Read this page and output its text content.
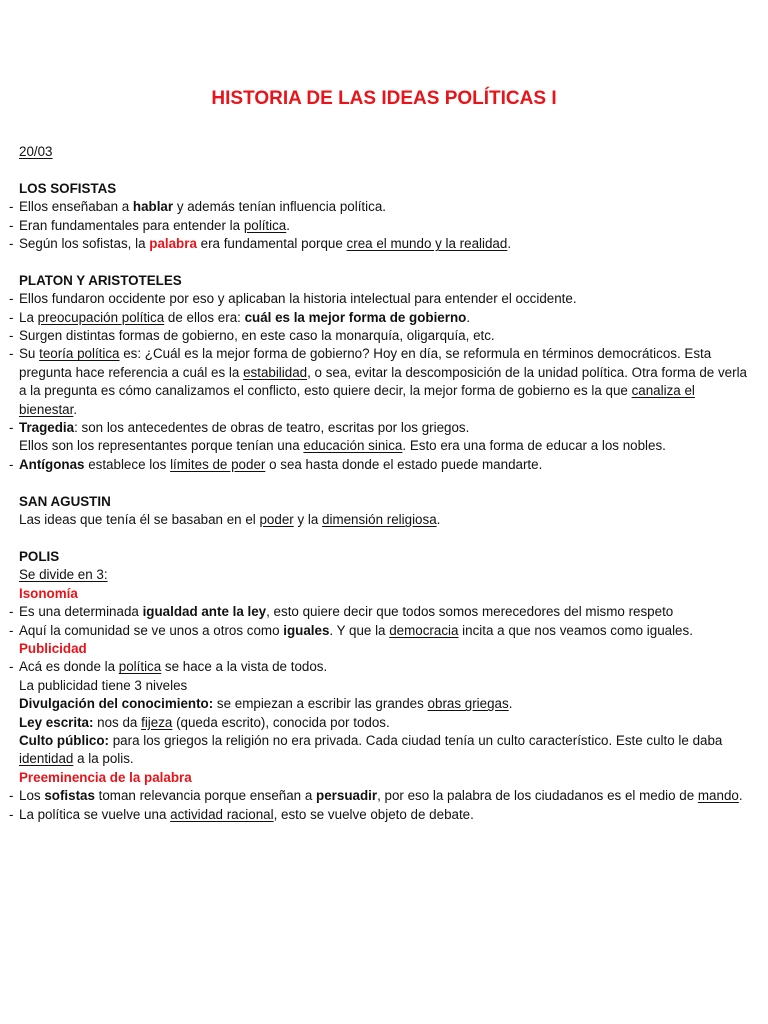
HISTORIA DE LAS IDEAS POLÍTICAS I
20/03
LOS SOFISTAS
- Ellos enseñaban a hablar y además tenían influencia política.
- Eran fundamentales para entender la política.
- Según los sofistas, la palabra era fundamental porque crea el mundo y la realidad.
PLATON Y ARISTOTELES
- Ellos fundaron occidente por eso y aplicaban la historia intelectual para entender el occidente.
- La preocupación política de ellos era: cuál es la mejor forma de gobierno.
- Surgen distintas formas de gobierno, en este caso la monarquía, oligarquía, etc.
- Su teoría política es: ¿Cuál es la mejor forma de gobierno? Hoy en día, se reformula en términos democráticos. Esta pregunta hace referencia a cuál es la estabilidad, o sea, evitar la descomposición de la unidad política. Otra forma de verla a la pregunta es cómo canalizamos el conflicto, esto quiere decir, la mejor forma de gobierno es la que canaliza el bienestar.
- Tragedia: son los antecedentes de obras de teatro, escritas por los griegos.
Ellos son los representantes porque tenían una educación sinica. Esto era una forma de educar a los nobles.
- Antígonas establece los límites de poder o sea hasta donde el estado puede mandarte.
SAN AGUSTIN
Las ideas que tenía él se basaban en el poder y la dimensión religiosa.
POLIS
Se divide en 3:
Isonomía
- Es una determinada igualdad ante la ley, esto quiere decir que todos somos merecedores del mismo respeto
- Aquí la comunidad se ve unos a otros como iguales. Y que la democracia incita a que nos veamos como iguales.
Publicidad
- Acá es donde la política se hace a la vista de todos.
La publicidad tiene 3 niveles
Divulgación del conocimiento: se empiezan a escribir las grandes obras griegas.
Ley escrita: nos da fijeza (queda escrito), conocida por todos.
Culto público: para los griegos la religión no era privada. Cada ciudad tenía un culto característico. Este culto le daba identidad a la polis.
Preeminencia de la palabra
- Los sofistas toman relevancia porque enseñan a persuadir, por eso la palabra de los ciudadanos es el medio de mando.
- La política se vuelve una actividad racional, esto se vuelve objeto de debate.
